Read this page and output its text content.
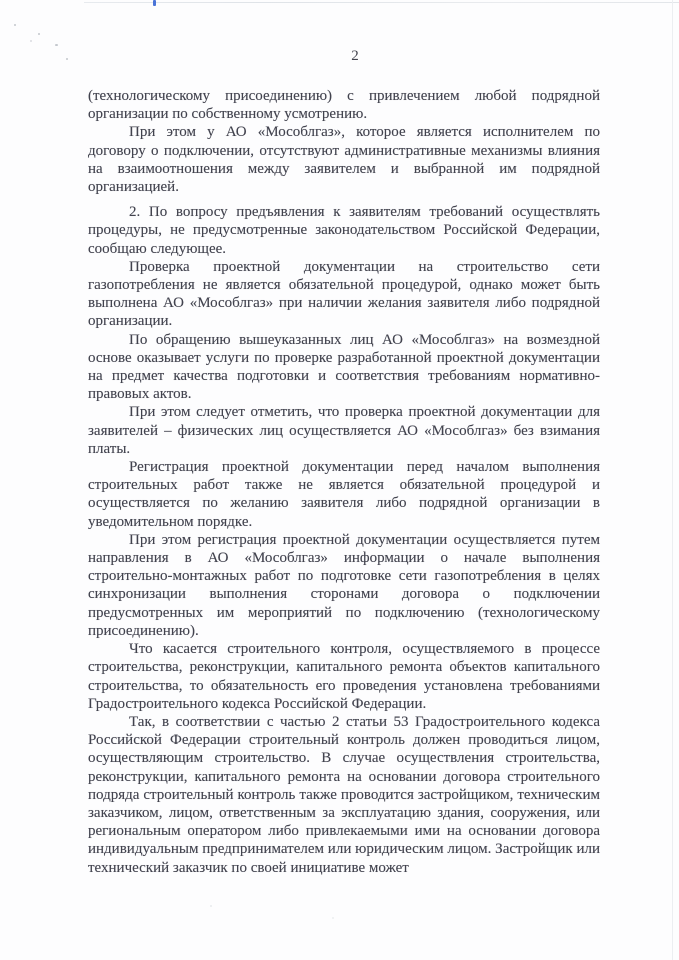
2

(технологическому присоединению) с привлечением любой подрядной организации по собственному усмотрению.

При этом у АО «Мособлгаз», которое является исполнителем по договору о подключении, отсутствуют административные механизмы влияния на взаимоотношения между заявителем и выбранной им подрядной организацией.

2. По вопросу предъявления к заявителям требований осуществлять процедуры, не предусмотренные законодательством Российской Федерации, сообщаю следующее.

Проверка проектной документации на строительство сети газопотребления не является обязательной процедурой, однако может быть выполнена АО «Мособлгаз» при наличии желания заявителя либо подрядной организации.

По обращению вышеуказанных лиц АО «Мособлгаз» на возмездной основе оказывает услуги по проверке разработанной проектной документации на предмет качества подготовки и соответствия требованиям нормативно-правовых актов.

При этом следует отметить, что проверка проектной документации для заявителей – физических лиц осуществляется АО «Мособлгаз» без взимания платы.

Регистрация проектной документации перед началом выполнения строительных работ также не является обязательной процедурой и осуществляется по желанию заявителя либо подрядной организации в уведомительном порядке.

При этом регистрация проектной документации осуществляется путем направления в АО «Мособлгаз» информации о начале выполнения строительно-монтажных работ по подготовке сети газопотребления в целях синхронизации выполнения сторонами договора о подключении предусмотренных им мероприятий по подключению (технологическому присоединению).

Что касается строительного контроля, осуществляемого в процессе строительства, реконструкции, капитального ремонта объектов капитального строительства, то обязательность его проведения установлена требованиями Градостроительного кодекса Российской Федерации.

Так, в соответствии с частью 2 статьи 53 Градостроительного кодекса Российской Федерации строительный контроль должен проводиться лицом, осуществляющим строительство. В случае осуществления строительства, реконструкции, капитального ремонта на основании договора строительного подряда строительный контроль также проводится застройщиком, техническим заказчиком, лицом, ответственным за эксплуатацию здания, сооружения, или региональным оператором либо привлекаемыми ими на основании договора индивидуальным предпринимателем или юридическим лицом. Застройщик или технический заказчик по своей инициативе может
